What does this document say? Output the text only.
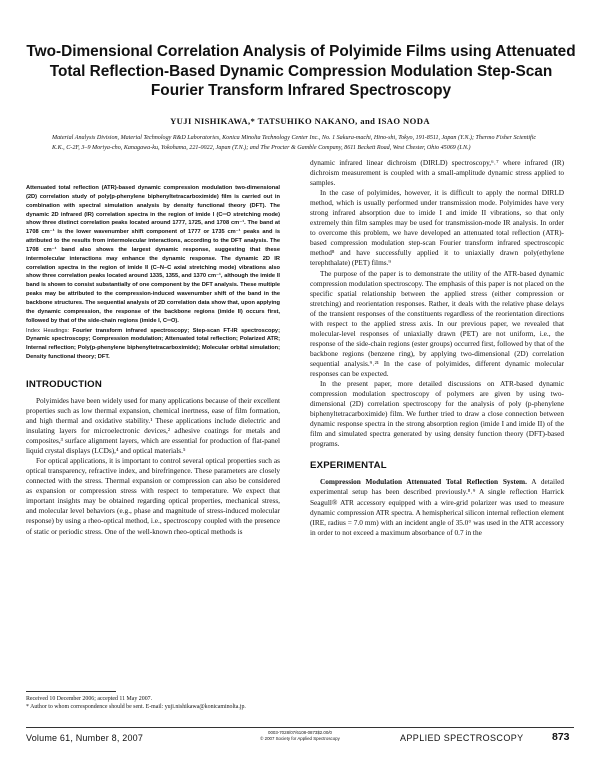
Two-Dimensional Correlation Analysis of Polyimide Films using Attenuated Total Reflection-Based Dynamic Compression Modulation Step-Scan Fourier Transform Infrared Spectroscopy
YUJI NISHIKAWA,* TATSUHIKO NAKANO, and ISAO NODA
Material Analysis Division, Material Technology R&D Laboratories, Konica Minolta Technology Center Inc., No. 1 Sakura-machi, Hino-shi, Tokyo, 191-8511, Japan (Y.N.); Thermo Fisher Scientific K.K., C-2F, 3–9 Moriya-cho, Kanagawa-ku, Yokohama, 221-0022, Japan (T.N.); and The Procter & Gamble Company, 8611 Beckett Road, West Chester, Ohio 45069 (I.N.)

Attenuated total reflection (ATR)-based dynamic compression modulation two-dimensional (2D) correlation study of poly(p-phenylene biphenyltetracarboximide) film is carried out in combination with spectral simulation analysis by density functional theory (DFT). The dynamic 2D infrared (IR) correlation spectra in the region of imide I (C═O stretching mode) show three distinct correlation peaks located around 1777, 1725, and 1708 cm⁻¹. The band at 1708 cm⁻¹ is the lower wavenumber shift component of 1777 or 1735 cm⁻¹ peaks and is attributed to the results from intermolecular interactions, according to the DFT analysis. The 1708 cm⁻¹ band also shows the largest dynamic response, suggesting that these intermolecular interactions may enhance the dynamic response. The dynamic 2D IR correlation spectra in the region of imide II (C–N–C axial stretching mode) vibrations also show three correlation peaks located around 1335, 1355, and 1370 cm⁻¹, although the imide II band is shown to consist substantially of one component by the DFT analysis. These multiple peaks may be attributed to the compression-induced wavenumber shift of the band in the backbone structures. The sequential analysis of 2D correlation data show that, upon applying the dynamic compression, the response of the backbone regions (imide II) occurs first, followed by that of the side-chain regions (imide I, C═O).

Index Headings: Fourier transform infrared spectroscopy; Step-scan FT-IR spectroscopy; Dynamic spectroscopy; Compression modulation; Attenuated total reflection; Polarized ATR; Internal reflection; Poly(p-phenylene biphenyltetracarboximide); Molecular orbital simulation; Density functional theory; DFT.
INTRODUCTION

Polyimides have been widely used for many applications because of their excellent properties such as low thermal expansion, chemical inertness, ease of film formation, and high thermal and oxidative stability.¹ These applications include dielectric and insulating layers for microelectronic devices,² adhesive coatings for metals and composites,³ surface alignment layers, which are essential for production of flat-panel liquid crystal displays (LCDs),⁴ and optical materials.⁵

For optical applications, it is important to control several optical properties such as optical transparency, refractive index, and birefringence. These parameters are closely connected with the stress. Thermal expansion or compression can also be considered as expansion or compression stress with respect to temperature. We expect that important insights may be obtained regarding optical properties, mechanical stress, and molecular level behaviors (e.g., phase and magnitude of stress-induced molecular response) by using a rheo-optical method, i.e., spectroscopy coupled with the presence of static or periodic stress. One of the well-known rheo-optical methods is

Received 10 December 2006; accepted 11 May 2007.

* Author to whom correspondence should be sent. E-mail: yuji.nishikawa@konicaminolta.jp.

dynamic infrared linear dichroism (DIRLD) spectroscopy,⁶˒⁷ where infrared (IR) dichroism measurement is coupled with a small-amplitude dynamic stress applied to samples.

In the case of polyimides, however, it is difficult to apply the normal DIRLD method, which is usually performed under transmission mode. Polyimides have very strong infrared absorption due to imide I and imide II vibrations, so that only extremely thin film samples may be used for transmission-mode IR analysis. In order to overcome this problem, we have developed an attenuated total reflection (ATR)-based compression modulation step-scan Fourier transform infrared spectroscopic method⁸ and have successfully applied it to uniaxially drawn poly(ethylene terephthalate) (PET) films.⁹

The purpose of the paper is to demonstrate the utility of the ATR-based dynamic compression modulation spectroscopy. The emphasis of this paper is not placed on the specific spatial relationship between the applied stress (either compression or stretching) and reorientation responses. Rather, it deals with the relative phase delays of the transient responses of the constituents regardless of the reorientation directions with respect to the applied stress axis. In our previous paper, we revealed that molecular-level responses of uniaxially drawn (PET) are not uniform, i.e., the response of the side-chain regions (ester groups) occurred first, followed by that of the backbone regions (benzene ring), by applying two-dimensional (2D) correlation sequential analysis.⁹˒²¹ In the case of polyimides, different dynamic molecular responses can be expected.

In the present paper, more detailed discussions on ATR-based dynamic compression modulation spectroscopy of polymers are given by using two-dimensional (2D) correlation spectroscopy for the analysis of poly (p-phenylene biphenyltetracarboximide) film. We further tried to draw a close connection between dynamic response spectra in the strong absorption region (imide I and imide II) of the film and simulated spectra generated by using density function theory (DFT)-based programs.

EXPERIMENTAL

Compression Modulation Attenuated Total Reflection System. A detailed experimental setup has been described previously.⁸˒⁹ A single reflection Harrick Seagull® ATR accessory equipped with a wire-grid polarizer was used to measure dynamic compression ATR spectra. A hemispherical silicon internal reflection element (IRE, radius = 7.0 mm) with an incident angle of 35.0° was used in the ATR accessory in order to not exceed a maximum absorbance of 0.7 in the

Volume 61, Number 8, 2007
0003-7028/07/6108-0873$2.00/0
© 2007 Society for Applied Spectroscopy	APPLIED SPECTROSCOPY	873
